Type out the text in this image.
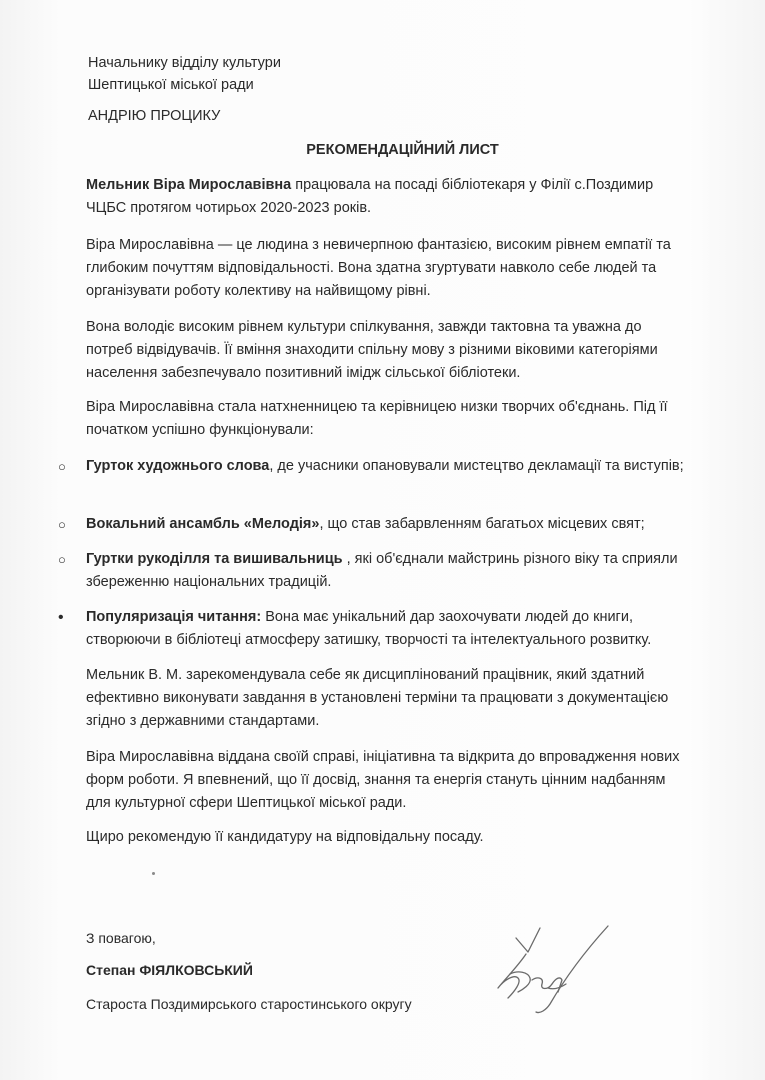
Начальнику відділу культури
Шептицької міської ради
АНДРІЮ ПРОЦИКУ
РЕКОМЕНДАЦІЙНИЙ ЛИСТ
Мельник Віра Мирославівна працювала на посаді бібліотекаря у Філії с.Поздимир
ЧЦБС протягом чотирьох 2020-2023 років.
Віра Мирославівна — це людина з невичерпною фантазією, високим рівнем емпатії та глибоким почуттям відповідальності. Вона здатна згуртувати навколо себе людей та організувати роботу колективу на найвищому рівні.
Вона володіє високим рівнем культури спілкування, завжди тактовна та уважна до потреб відвідувачів. Її вміння знаходити спільну мову з різними віковими категоріями населення забезпечувало позитивний імідж сільської бібліотеки.
Віра Мирославівна стала натхненницею та керівницею низки творчих об'єднань. Під її початком успішно функціонували:
○ Гурток художнього слова, де учасники опановували мистецтво декламації та виступів;
○ Вокальний ансамбль «Мелодія», що став забарвленням багатьох місцевих свят;
○ Гуртки рукоділля та вишивальниць , які об'єднали майстринь різного віку та сприяли збереженню національних традицій.
• Популяризація читання: Вона має унікальний дар заохочувати людей до книги, створюючи в бібліотеці атмосферу затишку, творчості та інтелектуального розвитку.
Мельник В. М. зарекомендувала себе як дисциплінований працівник, який здатний ефективно виконувати завдання в установлені терміни та працювати з документацією згідно з державними стандартами.
Віра Мирославівна віддана своїй справі, ініціативна та відкрита до впровадження нових форм роботи. Я впевнений, що її досвід, знання та енергія стануть цінним надбанням для культурної сфери Шептицької міської ради.
Щиро рекомендую її кандидатуру на відповідальну посаду.
З повагою,
Степан ФІЯЛКОВСЬКИЙ
Староста Поздимирського старостинського округу
